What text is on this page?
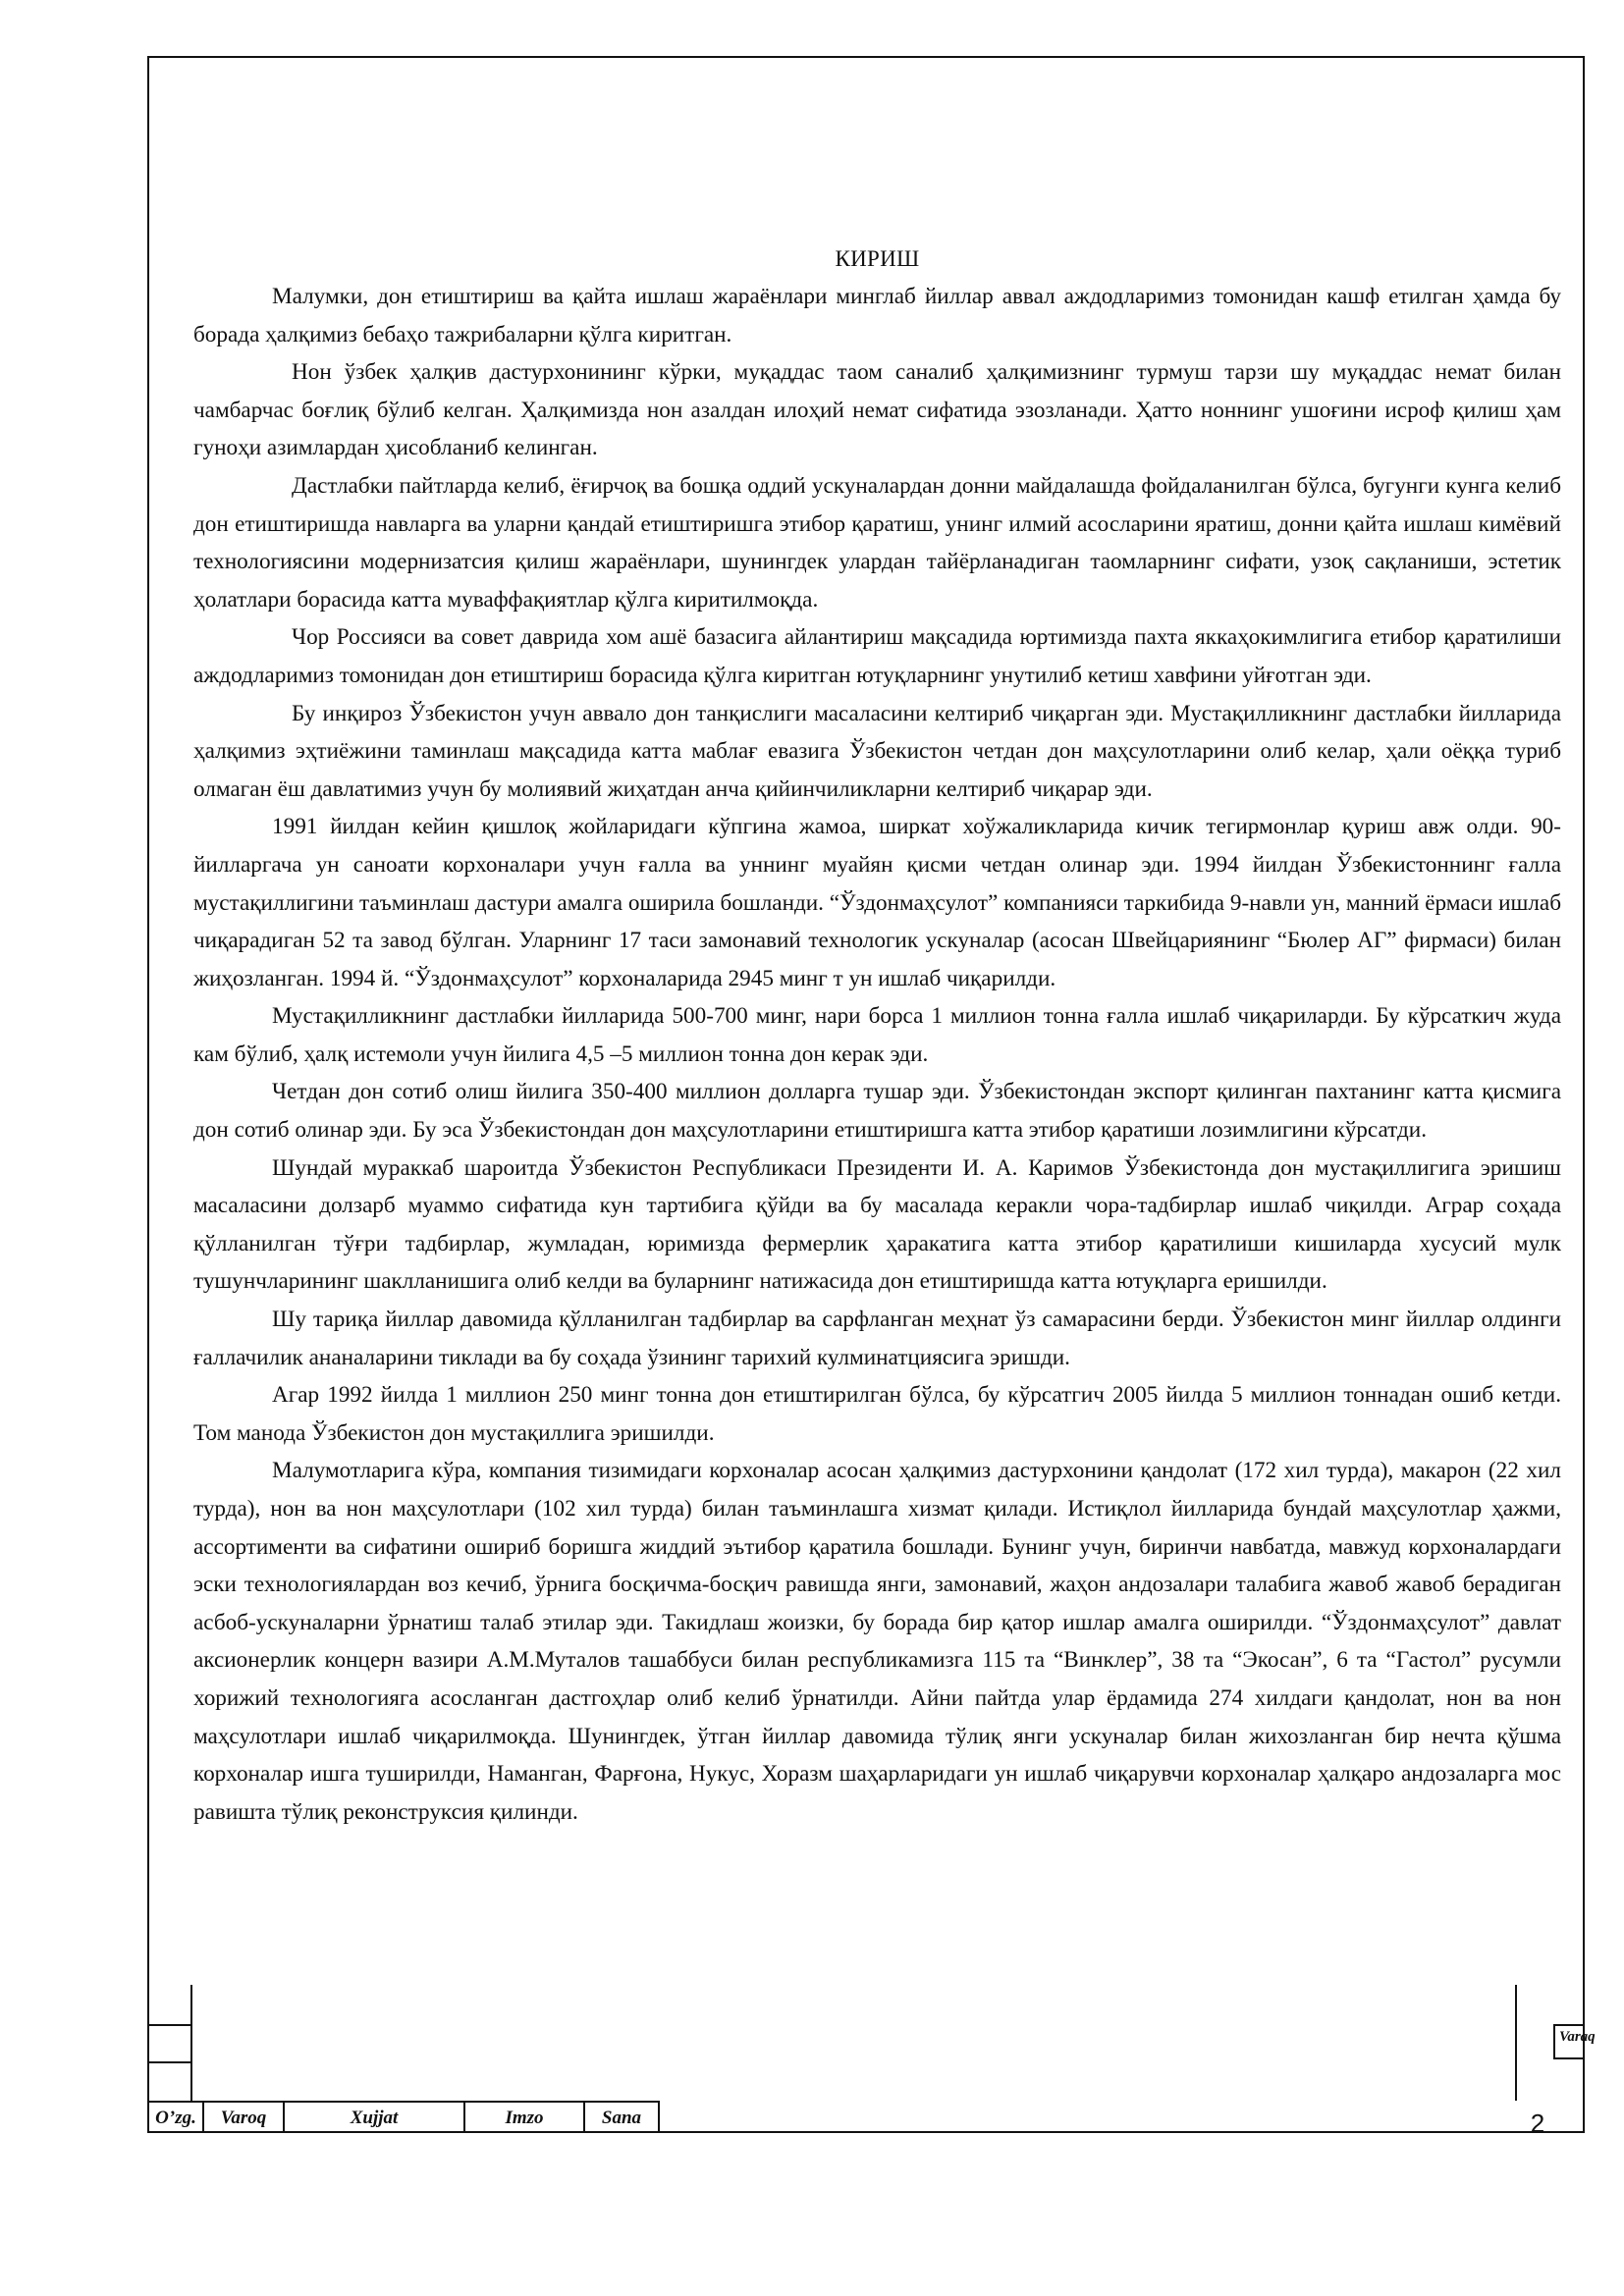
КИРИШ

Малумки, дон етиштириш ва қайта ишлаш жараёнлари минглаб йиллар аввал аждодларимиз томонидан кашф етилган ҳамда бу борада ҳалқимиз бебаҳо тажрибаларни қўлга киритган.

Нон ўзбек ҳалқив дастурхонининг кўрки, муқаддас таом саналиб ҳалқимизнинг турмуш тарзи шу муқаддас немат билан чамбарчас боғлиқ бўлиб келган. Ҳалқимизда нон азалдан илоҳий немат сифатида эзозланади. Ҳатто ноннинг ушоғини исроф қилиш ҳам гуноҳи азимлардан ҳисобланиб келинган.

Дастлабки пайтларда келиб, ёғирчоқ ва бошқа оддий ускуналардан донни майдалашда фойдаланилган бўлса, бугунги кунга келиб дон етиштиришда навларга ва уларни қандай етиштиришга этибор қаратиш, унинг илмий асосларини яратиш, донни қайта ишлаш кимёвий технологиясини модернизатсия қилиш жараёнлари, шунингдек улардан тайёрланадиган таомларнинг сифати, узоқ сақланиши, эстетик ҳолатлари борасида катта муваффақиятлар қўлга киритилмоқда.

Чор Россияси ва совет даврида хом ашё базасига айлантириш мақсадида юртимизда пахта яккаҳокимлигига етибор қаратилиши аждодларимиз томонидан дон етиштириш борасида қўлга киритган ютуқларнинг унутилиб кетиш хавфини уйғотган эди.

Бу инқироз Ўзбекистон учун аввало дон танқислиги масаласини келтириб чиқарган эди. Мустақилликнинг дастлабки йилларида ҳалқимиз эҳтиёжини таминлаш мақсадида катта маблағ евазига Ўзбекистон четдан дон маҳсулотларини олиб келар, ҳали оёққа туриб олмаган ёш давлатимиз учун бу молиявий жиҳатдан анча қийинчиликларни келтириб чиқарар эди.

1991 йилдан кейин қишлоқ жойларидаги кўпгина жамоа, ширкат хоўжаликларида кичик тегирмонлар қуриш авж олди. 90-йилларгача ун саноати корхоналари учун ғалла ва уннинг муайян қисми четдан олинар эди. 1994 йилдан Ўзбекистоннинг ғалла мустақиллигини таъминлаш дастури амалга оширила бошланди. “Ўздонмаҳсулот” компанияси таркибида 9-навли ун, манний ёрмаси ишлаб чиқарадиган 52 та завод бўлган. Уларнинг 17 таси замонавий технологик ускуналар (асосан Швейцариянинг “Бюлер АГ” фирмаси) билан жиҳозланган. 1994 й. “Ўздонмаҳсулот” корхоналарида 2945 минг т ун ишлаб чиқарилди.

Мустақилликнинг дастлабки йилларида 500-700 минг, нари борса 1 миллион тонна ғалла ишлаб чиқариларди. Бу кўрсаткич жуда кам бўлиб, ҳалқ истемоли учун йилига 4,5 –5 миллион тонна дон керак эди.

Четдан дон сотиб олиш йилига 350-400 миллион долларга тушар эди. Ўзбекистондан экспорт қилинган пахтанинг катта қисмига дон сотиб олинар эди. Бу эса Ўзбекистондан дон маҳсулотларини етиштиришга катта этибор қаратиши лозимлигини кўрсатди.

Шундай мураккаб шароитда Ўзбекистон Республикаси Президенти И. А. Каримов Ўзбекистонда дон мустақиллигига эришиш масаласини долзарб муаммо сифатида кун тартибига қўйди ва бу масалада керакли чора-тадбирлар ишлаб чиқилди. Аграр соҳада қўлланилган тўғри тадбирлар, жумладан, юримизда фермерлик ҳаракатига катта этибор қаратилиши кишиларда хусусий мулк тушунчларининг шаклланишига олиб келди ва буларнинг натижасида дон етиштиришда катта ютуқларга еришилди.

Шу тариқа йиллар давомида қўлланилган тадбирлар ва сарфланган меҳнат ўз самарасини берди. Ўзбекистон минг йиллар олдинги ғаллачилик ананаларини тиклади ва бу соҳада ўзининг тарихий кулминатциясига эришди.

Агар 1992 йилда 1 миллион 250 минг тонна дон етиштирилган бўлса, бу кўрсатгич 2005 йилда 5 миллион тоннадан ошиб кетди. Том манода Ўзбекистон дон мустақиллига эришилди.

Малумотларига кўра, компания тизимидаги корхоналар асосан ҳалқимиз дастурхонини қандолат (172 хил турда), макарон (22 хил турда), нон ва нон маҳсулотлари (102 хил турда) билан таъминлашга хизмат қилади. Истиқлол йилларида бундай маҳсулотлар ҳажми, ассортименти ва сифатини ошириб боришга жиддий эътибор қаратила бошлади. Бунинг учун, биринчи навбатда, мавжуд корхоналардаги эски технологиялардан воз кечиб, ўрнига босқичма-босқич равишда янги, замонавий, жаҳон андозалари талабига жавоб жавоб берадиган асбоб-ускуналарни ўрнатиш талаб этилар эди. Такидлаш жоизки, бу борада бир қатор ишлар амалга оширилди. “Ўздонмаҳсулот” давлат аксионерлик концерн вазири А.М.Муталов ташаббуси билан республикамизга 115 та “Винклер”, 38 та “Экосан”, 6 та “Гастол” русумли хорижий технологияга асосланган дастгоҳлар олиб келиб ўрнатилди. Айни пайтда улар ёрдамида 274 хилдаги қандолат, нон ва нон маҳсулотлари ишлаб чиқарилмоқда. Шунингдек, ўтган йиллар давомида тўлиқ янги ускуналар билан жихозланган бир нечта қўшма корхоналар ишга туширилди, Наманган, Фарғона, Нукус, Хоразм шаҳарларидаги ун ишлаб чиқарувчи корхоналар ҳалқаро андозаларга мос равишта тўлиқ реконструксия қилинди.

O’zg.	Varoq	Xujjat	Imzo	Sana
Varaq
2
